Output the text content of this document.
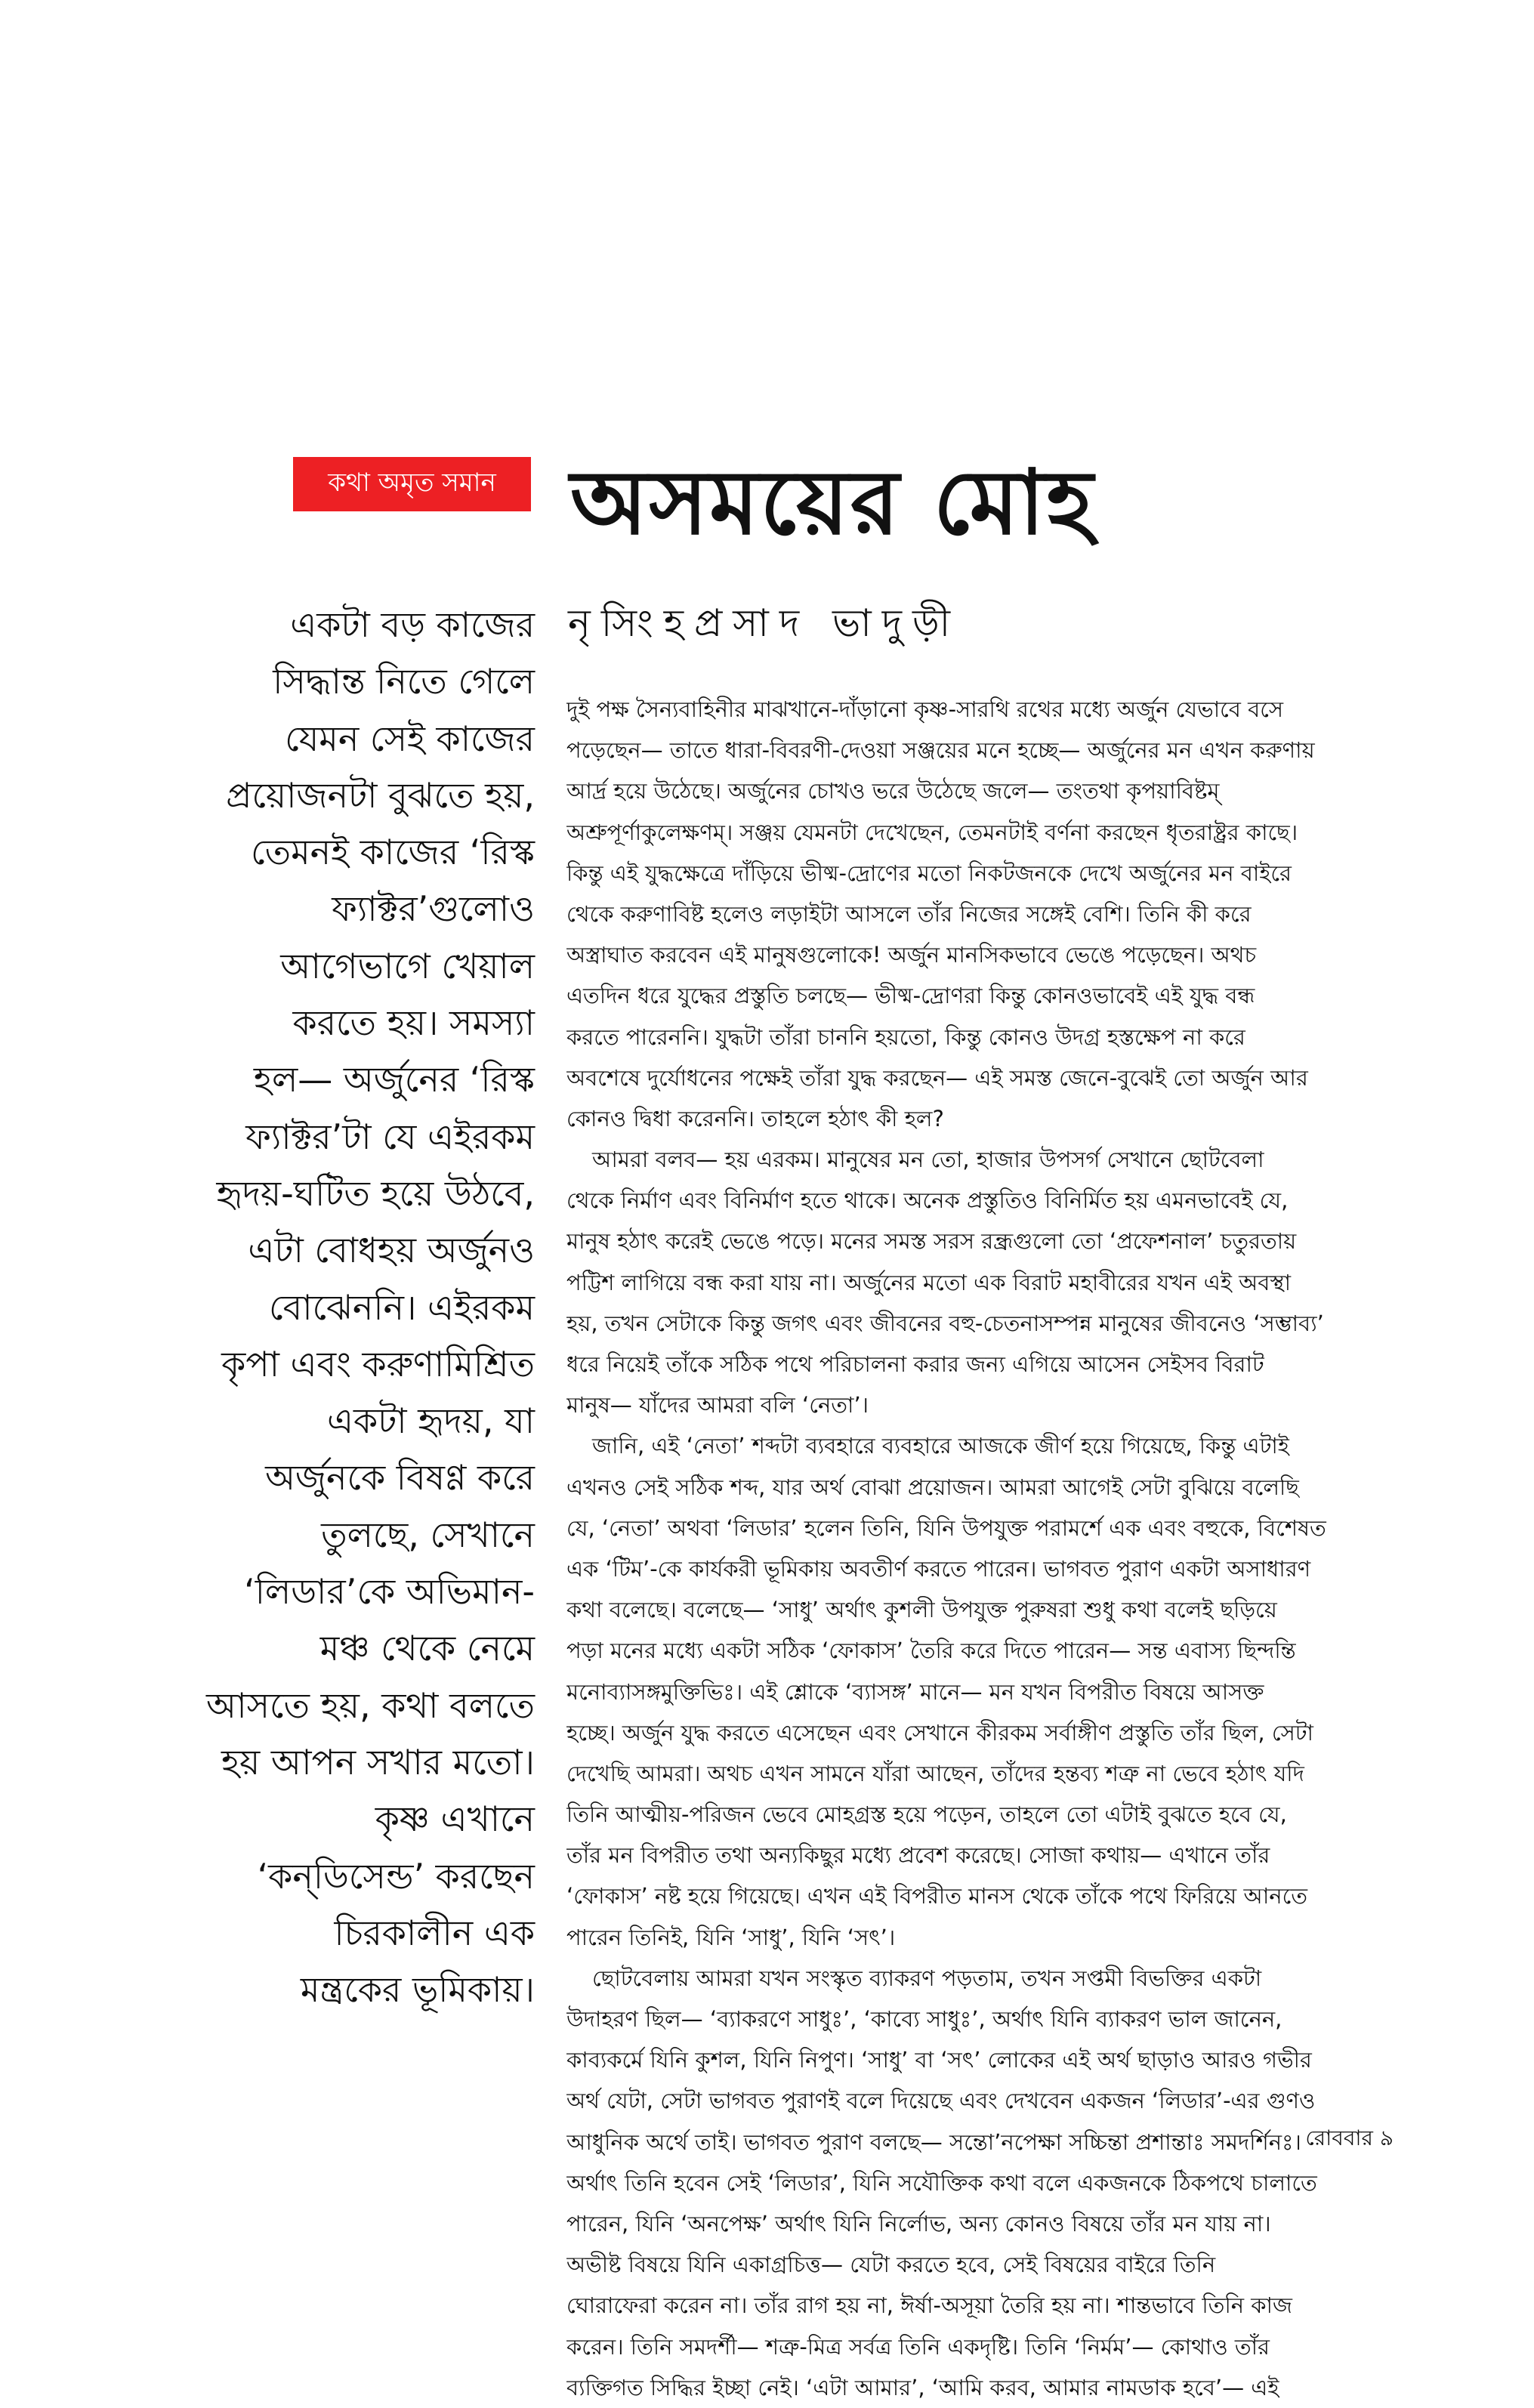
কথা অমৃত সমান অসময়ের মোহ
নৃসিংহপ্রসাদ ভাদুড়ী
একটা বড় কাজের
সিদ্ধান্ত নিতে গেলে
যেমন সেই কাজের
প্রয়োজনটা বুঝতে হয়,
তেমনই কাজের ‘রিস্ক
ফ্যাক্টর’গুলোও
আগেভাগে খেয়াল
করতে হয়। সমস্যা
হল— অর্জুনের ‘রিস্ক
ফ্যাক্টর’টা যে এইরকম
হৃদয়-ঘটিত হয়ে উঠবে,
এটা বোধহয় অর্জুনও
বোঝেননি। এইরকম
কৃপা এবং করুণামিশ্রিত
একটা হৃদয়, যা
অর্জুনকে বিষণ্ণ করে
তুলছে, সেখানে
‘লিডার’কে অভিমান-
মঞ্চ থেকে নেমে
আসতে হয়, কথা বলতে
হয় আপন সখার মতো।
কৃষ্ণ এখানে
‘কন্‌ডিসেন্ড’ করছেন
চিরকালীন এক
মন্ত্রকের ভূমিকায়।
দুই পক্ষ সৈন্যবাহিনীর মাঝখানে-দাঁড়ানো কৃষ্ণ-সারথি রথের মধ্যে অর্জুন যেভাবে বসে
পড়েছেন— তাতে ধারা-বিবরণী-দেওয়া সঞ্জয়ের মনে হচ্ছে— অর্জুনের মন এখন করুণায়
আর্দ্র হয়ে উঠেছে। অর্জুনের চোখও ভরে উঠেছে জলে— তংতথা কৃপয়াবিষ্টম্‌
অশ্রুপূর্ণাকুলেক্ষণম্‌। সঞ্জয় যেমনটা দেখেছেন, তেমনটাই বর্ণনা করছেন ধৃতরাষ্ট্রর কাছে।
কিন্তু এই যুদ্ধক্ষেত্রে দাঁড়িয়ে ভীষ্ম-দ্রোণের মতো নিকটজনকে দেখে অর্জুনের মন বাইরে
থেকে করুণাবিষ্ট হলেও লড়াইটা আসলে তাঁর নিজের সঙ্গেই বেশি। তিনি কী করে
অস্ত্রাঘাত করবেন এই মানুষগুলোকে! অর্জুন মানসিকভাবে ভেঙে পড়েছেন। অথচ
এতদিন ধরে যুদ্ধের প্রস্তুতি চলছে— ভীষ্ম-দ্রোণরা কিন্তু কোনওভাবেই এই যুদ্ধ বন্ধ
করতে পারেননি। যুদ্ধটা তাঁরা চাননি হয়তো, কিন্তু কোনও উদগ্র হস্তক্ষেপ না করে
অবশেষে দুর্যোধনের পক্ষেই তাঁরা যুদ্ধ করছেন— এই সমস্ত জেনে-বুঝেই তো অর্জুন আর
কোনও দ্বিধা করেননি। তাহলে হঠাৎ কী হল?
আমরা বলব— হয় এরকম। মানুষের মন তো, হাজার উপসর্গ সেখানে ছোটবেলা
থেকে নির্মাণ এবং বিনির্মাণ হতে থাকে। অনেক প্রস্তুতিও বিনির্মিত হয় এমনভাবেই যে,
মানুষ হঠাৎ করেই ভেঙে পড়ে। মনের সমস্ত সরস রন্ধ্রগুলো তো ‘প্রফেশনাল’ চতুরতায়
পট্টিশ লাগিয়ে বন্ধ করা যায় না। অর্জুনের মতো এক বিরাট মহাবীরের যখন এই অবস্থা
হয়, তখন সেটাকে কিন্তু জগৎ এবং জীবনের বহু-চেতনাসম্পন্ন মানুষের জীবনেও ‘সম্ভাব্য’
ধরে নিয়েই তাঁকে সঠিক পথে পরিচালনা করার জন্য এগিয়ে আসেন সেইসব বিরাট
মানুষ— যাঁদের আমরা বলি ‘নেতা’।
জানি, এই ‘নেতা’ শব্দটা ব্যবহারে ব্যবহারে আজকে জীর্ণ হয়ে গিয়েছে, কিন্তু এটাই
এখনও সেই সঠিক শব্দ, যার অর্থ বোঝা প্রয়োজন। আমরা আগেই সেটা বুঝিয়ে বলেছি
যে, ‘নেতা’ অথবা ‘লিডার’ হলেন তিনি, যিনি উপযুক্ত পরামর্শে এক এবং বহুকে, বিশেষত
এক ‘টিম’-কে কার্যকরী ভূমিকায় অবতীর্ণ করতে পারেন। ভাগবত পুরাণ একটা অসাধারণ
কথা বলেছে। বলেছে— ‘সাধু’ অর্থাৎ কুশলী উপযুক্ত পুরুষরা শুধু কথা বলেই ছড়িয়ে
পড়া মনের মধ্যে একটা সঠিক ‘ফোকাস’ তৈরি করে দিতে পারেন— সন্ত এবাস্য ছিন্দন্তি
মনোব্যাসঙ্গমুক্তিভিঃ। এই শ্লোকে ‘ব্যাসঙ্গ’ মানে— মন যখন বিপরীত বিষয়ে আসক্ত
হচ্ছে। অর্জুন যুদ্ধ করতে এসেছেন এবং সেখানে কীরকম সর্বাঙ্গীণ প্রস্তুতি তাঁর ছিল, সেটা
দেখেছি আমরা। অথচ এখন সামনে যাঁরা আছেন, তাঁদের হন্তব্য শত্রু না ভেবে হঠাৎ যদি
তিনি আত্মীয়-পরিজন ভেবে মোহগ্রস্ত হয়ে পড়েন, তাহলে তো এটাই বুঝতে হবে যে,
তাঁর মন বিপরীত তথা অন্যকিছুর মধ্যে প্রবেশ করেছে। সোজা কথায়— এখানে তাঁর
‘ফোকাস’ নষ্ট হয়ে গিয়েছে। এখন এই বিপরীত মানস থেকে তাঁকে পথে ফিরিয়ে আনতে
পারেন তিনিই, যিনি ‘সাধু’, যিনি ‘সৎ’।
ছোটবেলায় আমরা যখন সংস্কৃত ব্যাকরণ পড়তাম, তখন সপ্তমী বিভক্তির একটা
উদাহরণ ছিল— ‘ব্যাকরণে সাধুঃ’, ‘কাব্যে সাধুঃ’, অর্থাৎ যিনি ব্যাকরণ ভাল জানেন,
কাব্যকর্মে যিনি কুশল, যিনি নিপুণ। ‘সাধু’ বা ‘সৎ’ লোকের এই অর্থ ছাড়াও আরও গভীর
অর্থ যেটা, সেটা ভাগবত পুরাণই বলে দিয়েছে এবং দেখবেন একজন ‘লিডার’-এর গুণও
আধুনিক অর্থে তাই। ভাগবত পুরাণ বলছে— সন্তো’নপেক্ষা সচ্চিন্তা প্রশান্তাঃ সমদর্শিনঃ।
অর্থাৎ তিনি হবেন সেই ‘লিডার’, যিনি সযৌক্তিক কথা বলে একজনকে ঠিকপথে চালাতে
পারেন, যিনি ‘অনপেক্ষ’ অর্থাৎ যিনি নির্লোভ, অন্য কোনও বিষয়ে তাঁর মন যায় না।
অভীষ্ট বিষয়ে যিনি একাগ্রচিত্ত— যেটা করতে হবে, সেই বিষয়ের বাইরে তিনি
ঘোরাফেরা করেন না। তাঁর রাগ হয় না, ঈর্ষা-অসূয়া তৈরি হয় না। শান্তভাবে তিনি কাজ
করেন। তিনি সমদর্শী— শত্রু-মিত্র সর্বত্র তিনি একদৃষ্টি। তিনি ‘নির্মম’— কোথাও তাঁর
ব্যক্তিগত সিদ্ধির ইচ্ছা নেই। ‘এটা আমার’, ‘আমি করব, আমার নামডাক হবে’— এই
রোববার ৯
